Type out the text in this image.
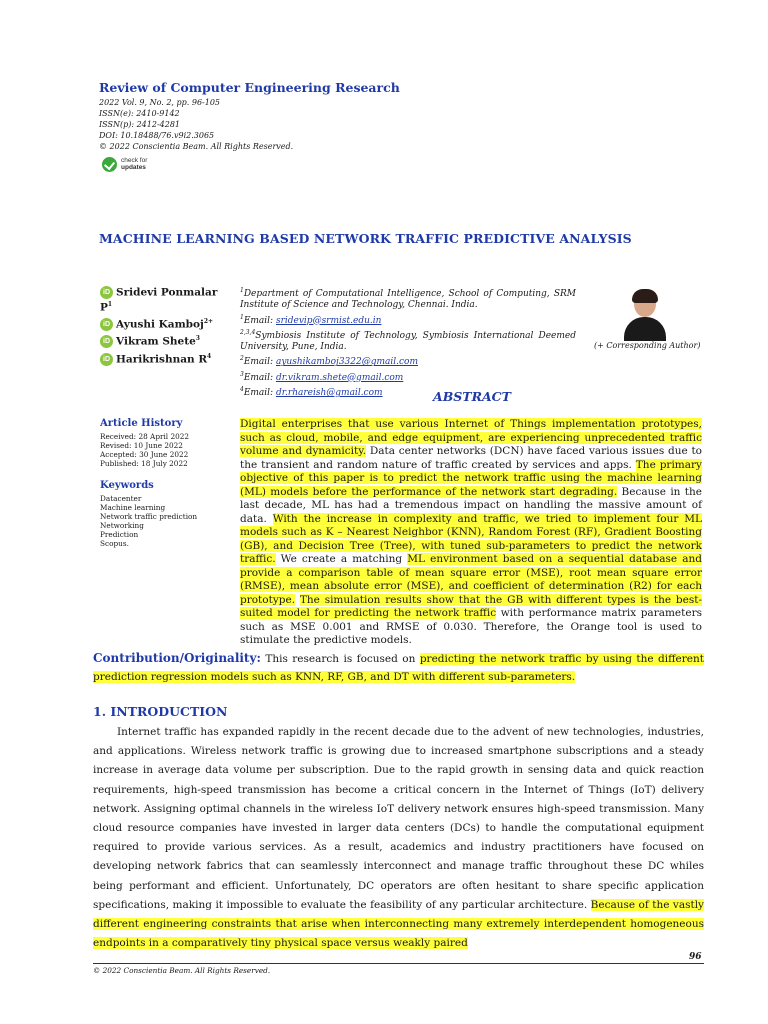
Review of Computer Engineering Research
2022 Vol. 9, No. 2, pp. 96-105
ISSN(e): 2410-9142
ISSN(p): 2412-4281
DOI: 10.18488/76.v9i2.3065
© 2022 Conscientia Beam. All Rights Reserved.
check for
updates
MACHINE LEARNING BASED NETWORK TRAFFIC PREDICTIVE ANALYSIS
iD Sridevi Ponmalar
$P^1$
iD Ayushi Kamboj$^{2+}$
iD Vikram Shete$^3$
iD Harikrishnan $R^4$
$^1$Department of Computational Intelligence, School of Computing, SRM Institute of Science and Technology, Chennai. India.
$^1$Email: sridevip@srmist.edu.in
$^{2,3,4}$Symbiosis Institute of Technology, Symbiosis International Deemed University, Pune, India.
$^2$Email: ayushikamboj3322@gmail.com
$^3$Email: dr.vikram.shete@gmail.com
$^4$Email: dr.rhareish@gmail.com
(+ Corresponding Author)
ABSTRACT
Article History
Received: 28 April 2022
Revised: 10 June 2022
Accepted: 30 June 2022
Published: 18 July 2022
Keywords
Datacenter
Machine learning
Network traffic prediction
Networking
Prediction
Scopus.
Digital enterprises that use various Internet of Things implementation prototypes, such as cloud, mobile, and edge equipment, are experiencing unprecedented traffic volume and dynamicity. Data center networks (DCN) have faced various issues due to the transient and random nature of traffic created by services and apps. The primary objective of this paper is to predict the network traffic using the machine learning (ML) models before the performance of the network start degrading. Because in the last decade, ML has had a tremendous impact on handling the massive amount of data. With the increase in complexity and traffic, we tried to implement four ML models such as K – Nearest Neighbor (KNN), Random Forest (RF), Gradient Boosting (GB), and Decision Tree (Tree), with tuned sub-parameters to predict the network traffic. We create a matching ML environment based on a sequential database and provide a comparison table of mean square error (MSE), root mean square error (RMSE), mean absolute error (MSE), and coefficient of determination (R2) for each prototype. The simulation results show that the GB with different types is the best-suited model for predicting the network traffic with performance matrix parameters such as MSE 0.001 and RMSE of 0.030. Therefore, the Orange tool is used to stimulate the predictive models.
Contribution/Originality: This research is focused on predicting the network traffic by using the different prediction regression models such as KNN, RF, GB, and DT with different sub-parameters.
1. INTRODUCTION
Internet traffic has expanded rapidly in the recent decade due to the advent of new technologies, industries, and applications. Wireless network traffic is growing due to increased smartphone subscriptions and a steady increase in average data volume per subscription. Due to the rapid growth in sensing data and quick reaction requirements, high-speed transmission has become a critical concern in the Internet of Things (IoT) delivery network. Assigning optimal channels in the wireless IoT delivery network ensures high-speed transmission. Many cloud resource companies have invested in larger data centers (DCs) to handle the computational equipment required to provide various services. As a result, academics and industry practitioners have focused on developing network fabrics that can seamlessly interconnect and manage traffic throughout these DC whiles being performant and efficient. Unfortunately, DC operators are often hesitant to share specific application specifications, making it impossible to evaluate the feasibility of any particular architecture. Because of the vastly different engineering constraints that arise when interconnecting many extremely interdependent homogeneous endpoints in a comparatively tiny physical space versus weakly paired
96
© 2022 Conscientia Beam. All Rights Reserved.
